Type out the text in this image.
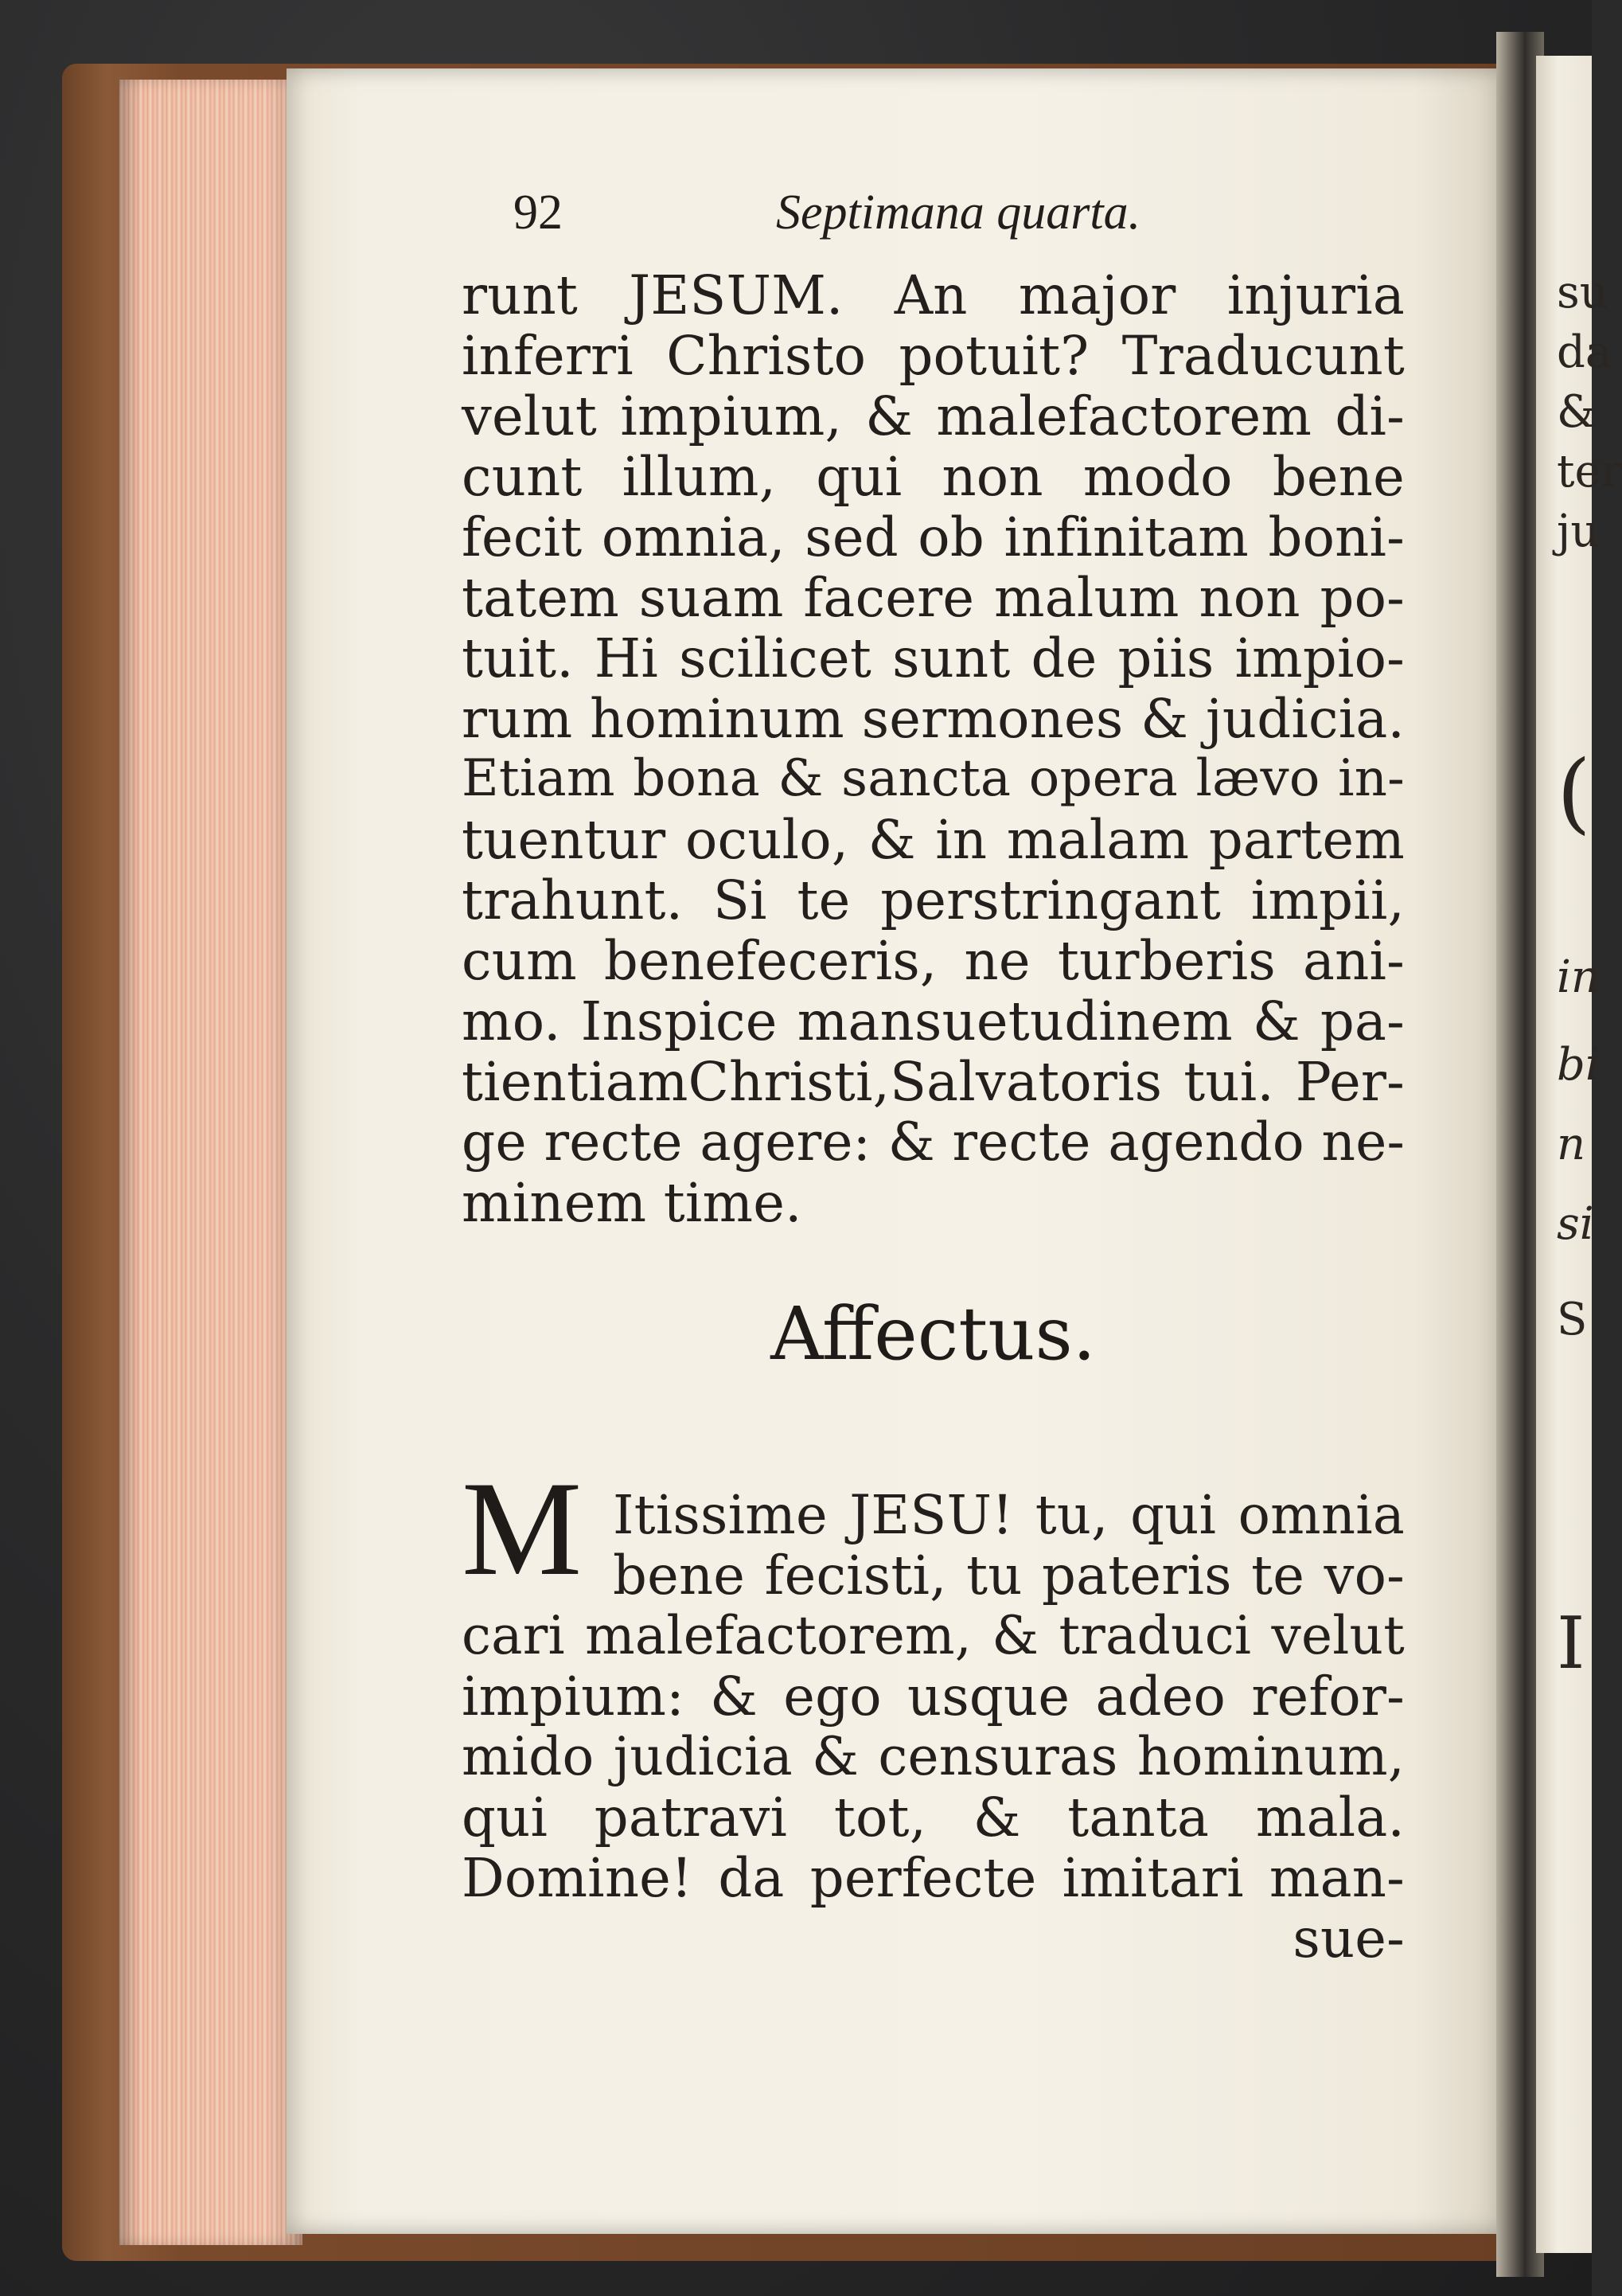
su
da
&
ter
ju
(
in
bi
n
si
S
I
92	Septimana quarta.
runt JESUM. An major injuria
inferri Christo potuit? Traducunt
velut impium, & malefactorem di-
cunt illum, qui non modo bene
fecit omnia, sed ob infinitam boni-
tatem suam facere malum non po-
tuit. Hi scilicet sunt de piis impio-
rum hominum sermones & judicia.
Etiam bona & sancta opera lævo in-
tuentur oculo, & in malam partem
trahunt. Si te perstringant impii,
cum benefeceris, ne turberis ani-
mo. Inspice mansuetudinem & pa-
tientiamChristi,Salvatoris tui. Per-
ge recte agere: & recte agendo ne-
minem time.
Affectus.
M Itissime JESU! tu, qui omnia
bene fecisti, tu pateris te vo-
cari malefactorem, & traduci velut
impium: & ego usque adeo refor-
mido judicia & censuras hominum,
qui patravi tot, & tanta mala.
Domine! da perfecte imitari man-
sue-
